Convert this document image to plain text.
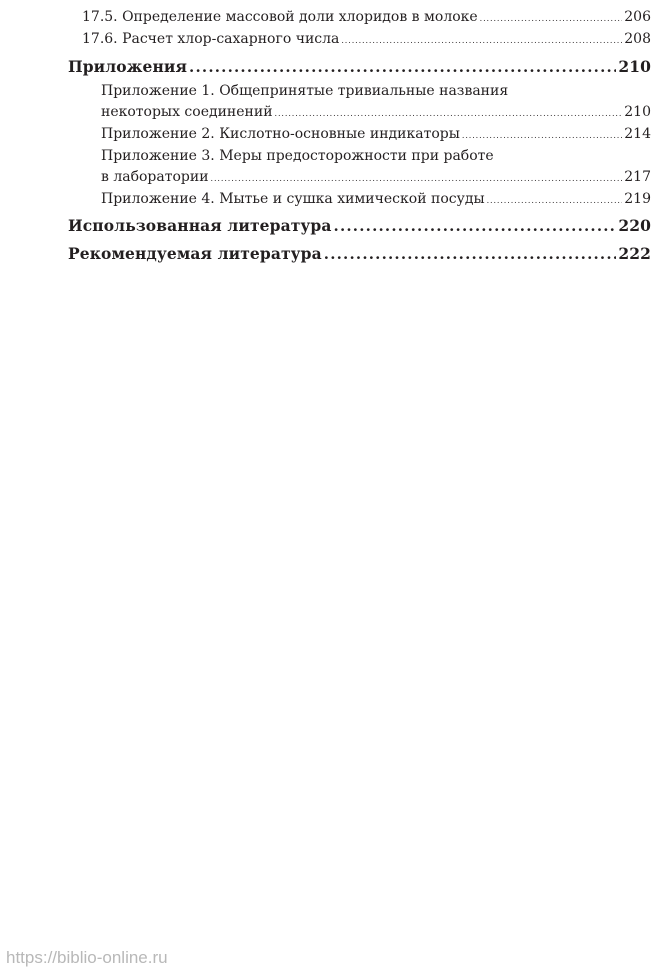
17.5. Определение массовой доли хлоридов в молоке .....	206
17.6. Расчет хлор-сахарного числа .....	208
Приложения .....	210
Приложение 1. Общепринятые тривиальные названия
некоторых соединений .....	210
Приложение 2. Кислотно-основные индикаторы .....	214
Приложение 3. Меры предосторожности при работе
в лаборатории .....	217
Приложение 4. Мытье и сушка химической посуды .....	219
Использованная литература .....	220
Рекомендуемая литература .....	222
https://biblio-online.ru
